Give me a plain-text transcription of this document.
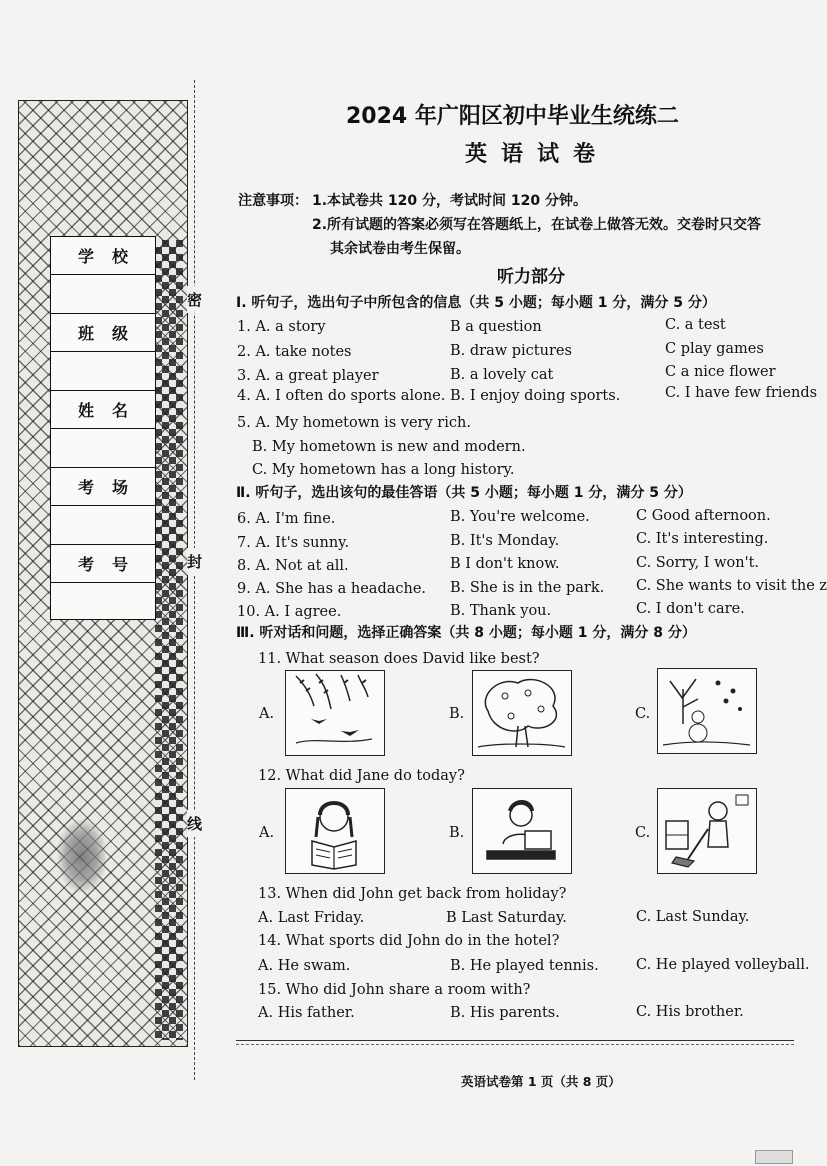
学校
班级
姓名
考场
考号
密
封
线
2024 年广阳区初中毕业生统练二
英语试卷
注意事项： 1.本试卷共 120 分，考试时间 120 分钟。
2.所有试题的答案必须写在答题纸上，在试卷上做答无效。交卷时只交答
其余试卷由考生保留。
听力部分
Ⅰ. 听句子，选出句子中所包含的信息（共 5 小题；每小题 1 分，满分 5 分）
1. A. a story	B a question	C. a test
2. A. take notes	B. draw pictures	C play games
3. A. a great player	B. a lovely cat	C a nice flower
4. A. I often do sports alone. B. I enjoy doing sports.	C. I have few friends
5. A. My hometown is very rich.
B. My hometown is new and modern.
C. My hometown has a long history.
Ⅱ. 听句子，选出该句的最佳答语（共 5 小题；每小题 1 分，满分 5 分）
6. A. I'm fine.	B. You're welcome.	C Good afternoon.
7. A. It's sunny.	B. It's Monday.	C. It's interesting.
8. A. Not at all.	B I don't know.	C. Sorry, I won't.
9. A. She has a headache. B. She is in the park. C. She wants to visit the z
10. A. I agree.	B. Thank you.	C. I don't care.
Ⅲ. 听对话和问题，选择正确答案（共 8 小题；每小题 1 分，满分 8 分）
11. What season does David like best?
A.	B.	C.
12. What did Jane do today?
A.	B.	C.
13. When did John get back from holiday?
A. Last Friday.	B Last Saturday.	C. Last Sunday.
14. What sports did John do in the hotel?
A. He swam.	B. He played tennis.	C. He played volleyball.
15. Who did John share a room with?
A. His father.	B. His parents.	C. His brother.
英语试卷第 1 页（共 8 页）
